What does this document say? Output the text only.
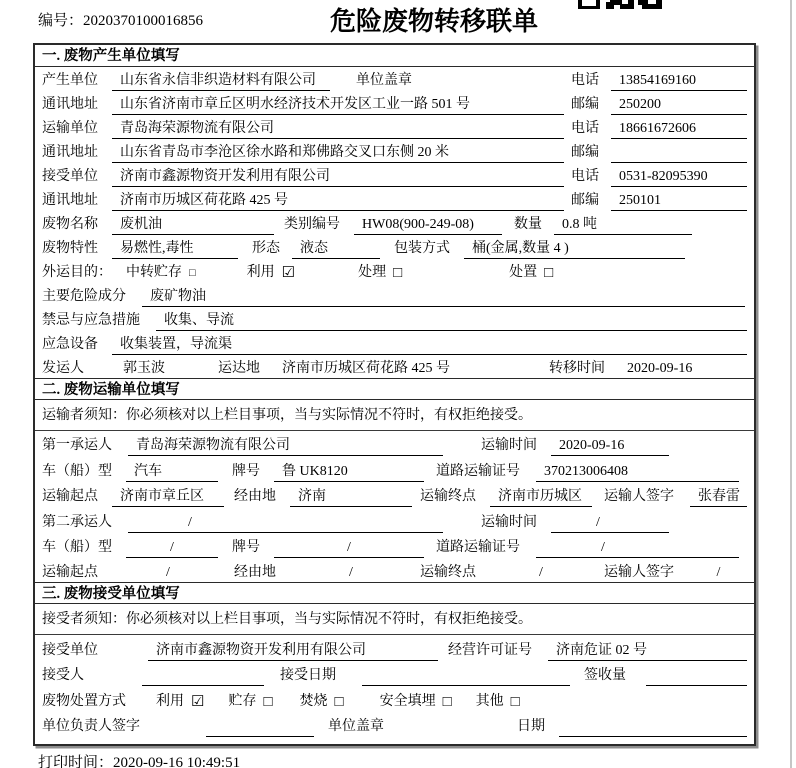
编号：2020370100016856	危险废物转移联单
一. 废物产生单位填写
产生单位	山东省永信非织造材料有限公司	单位盖章	电话	13854169160
通讯地址	山东省济南市章丘区明水经济技术开发区工业一路 501 号	邮编	250200
运输单位	青岛海荣源物流有限公司	电话	18661672606
通讯地址	山东省青岛市李沧区徐水路和郑佛路交叉口东侧 20 米	邮编
接受单位	济南市鑫源物资开发利用有限公司	电话	0531-82095390
通讯地址	济南市历城区荷花路 425 号	邮编	250101
废物名称	废机油	类别编号	HW08(900-249-08)	数量	0.8 吨
废物特性	易燃性,毒性	形态	液态	包装方式	桶(金属,数量 4 )
外运目的： 中转贮存 □	利用 ☑	处理 □	处置 □
主要危险成分	废矿物油
禁忌与应急措施	收集、导流
应急设备	收集装置，导流渠
发运人	郭玉波	运达地	济南市历城区荷花路 425 号	转移时间	2020-09-16
二. 废物运输单位填写
运输者须知：你必须核对以上栏目事项，当与实际情况不符时，有权拒绝接受。
第一承运人	青岛海荣源物流有限公司	运输时间	2020-09-16
车（船）型	汽车	牌号	鲁 UK8120	道路运输证号	370213006408
运输起点	济南市章丘区	经由地	济南	运输终点	济南市历城区	运输人签字	张春雷
第二承运人	/	运输时间	/
车（船）型	/	牌号	/	道路运输证号	/
运输起点	/	经由地	/	运输终点	/	运输人签字	/
三. 废物接受单位填写
接受者须知：你必须核对以上栏目事项，当与实际情况不符时，有权拒绝接受。
接受单位	济南市鑫源物资开发利用有限公司	经营许可证号	济南危证 02 号
接受人	接受日期	签收量
废物处置方式 利用 ☑ 贮存 □ 焚烧 □	安全填埋 □ 其他 □
单位负责人签字	单位盖章	日期
打印时间：2020-09-16 10:49:51
